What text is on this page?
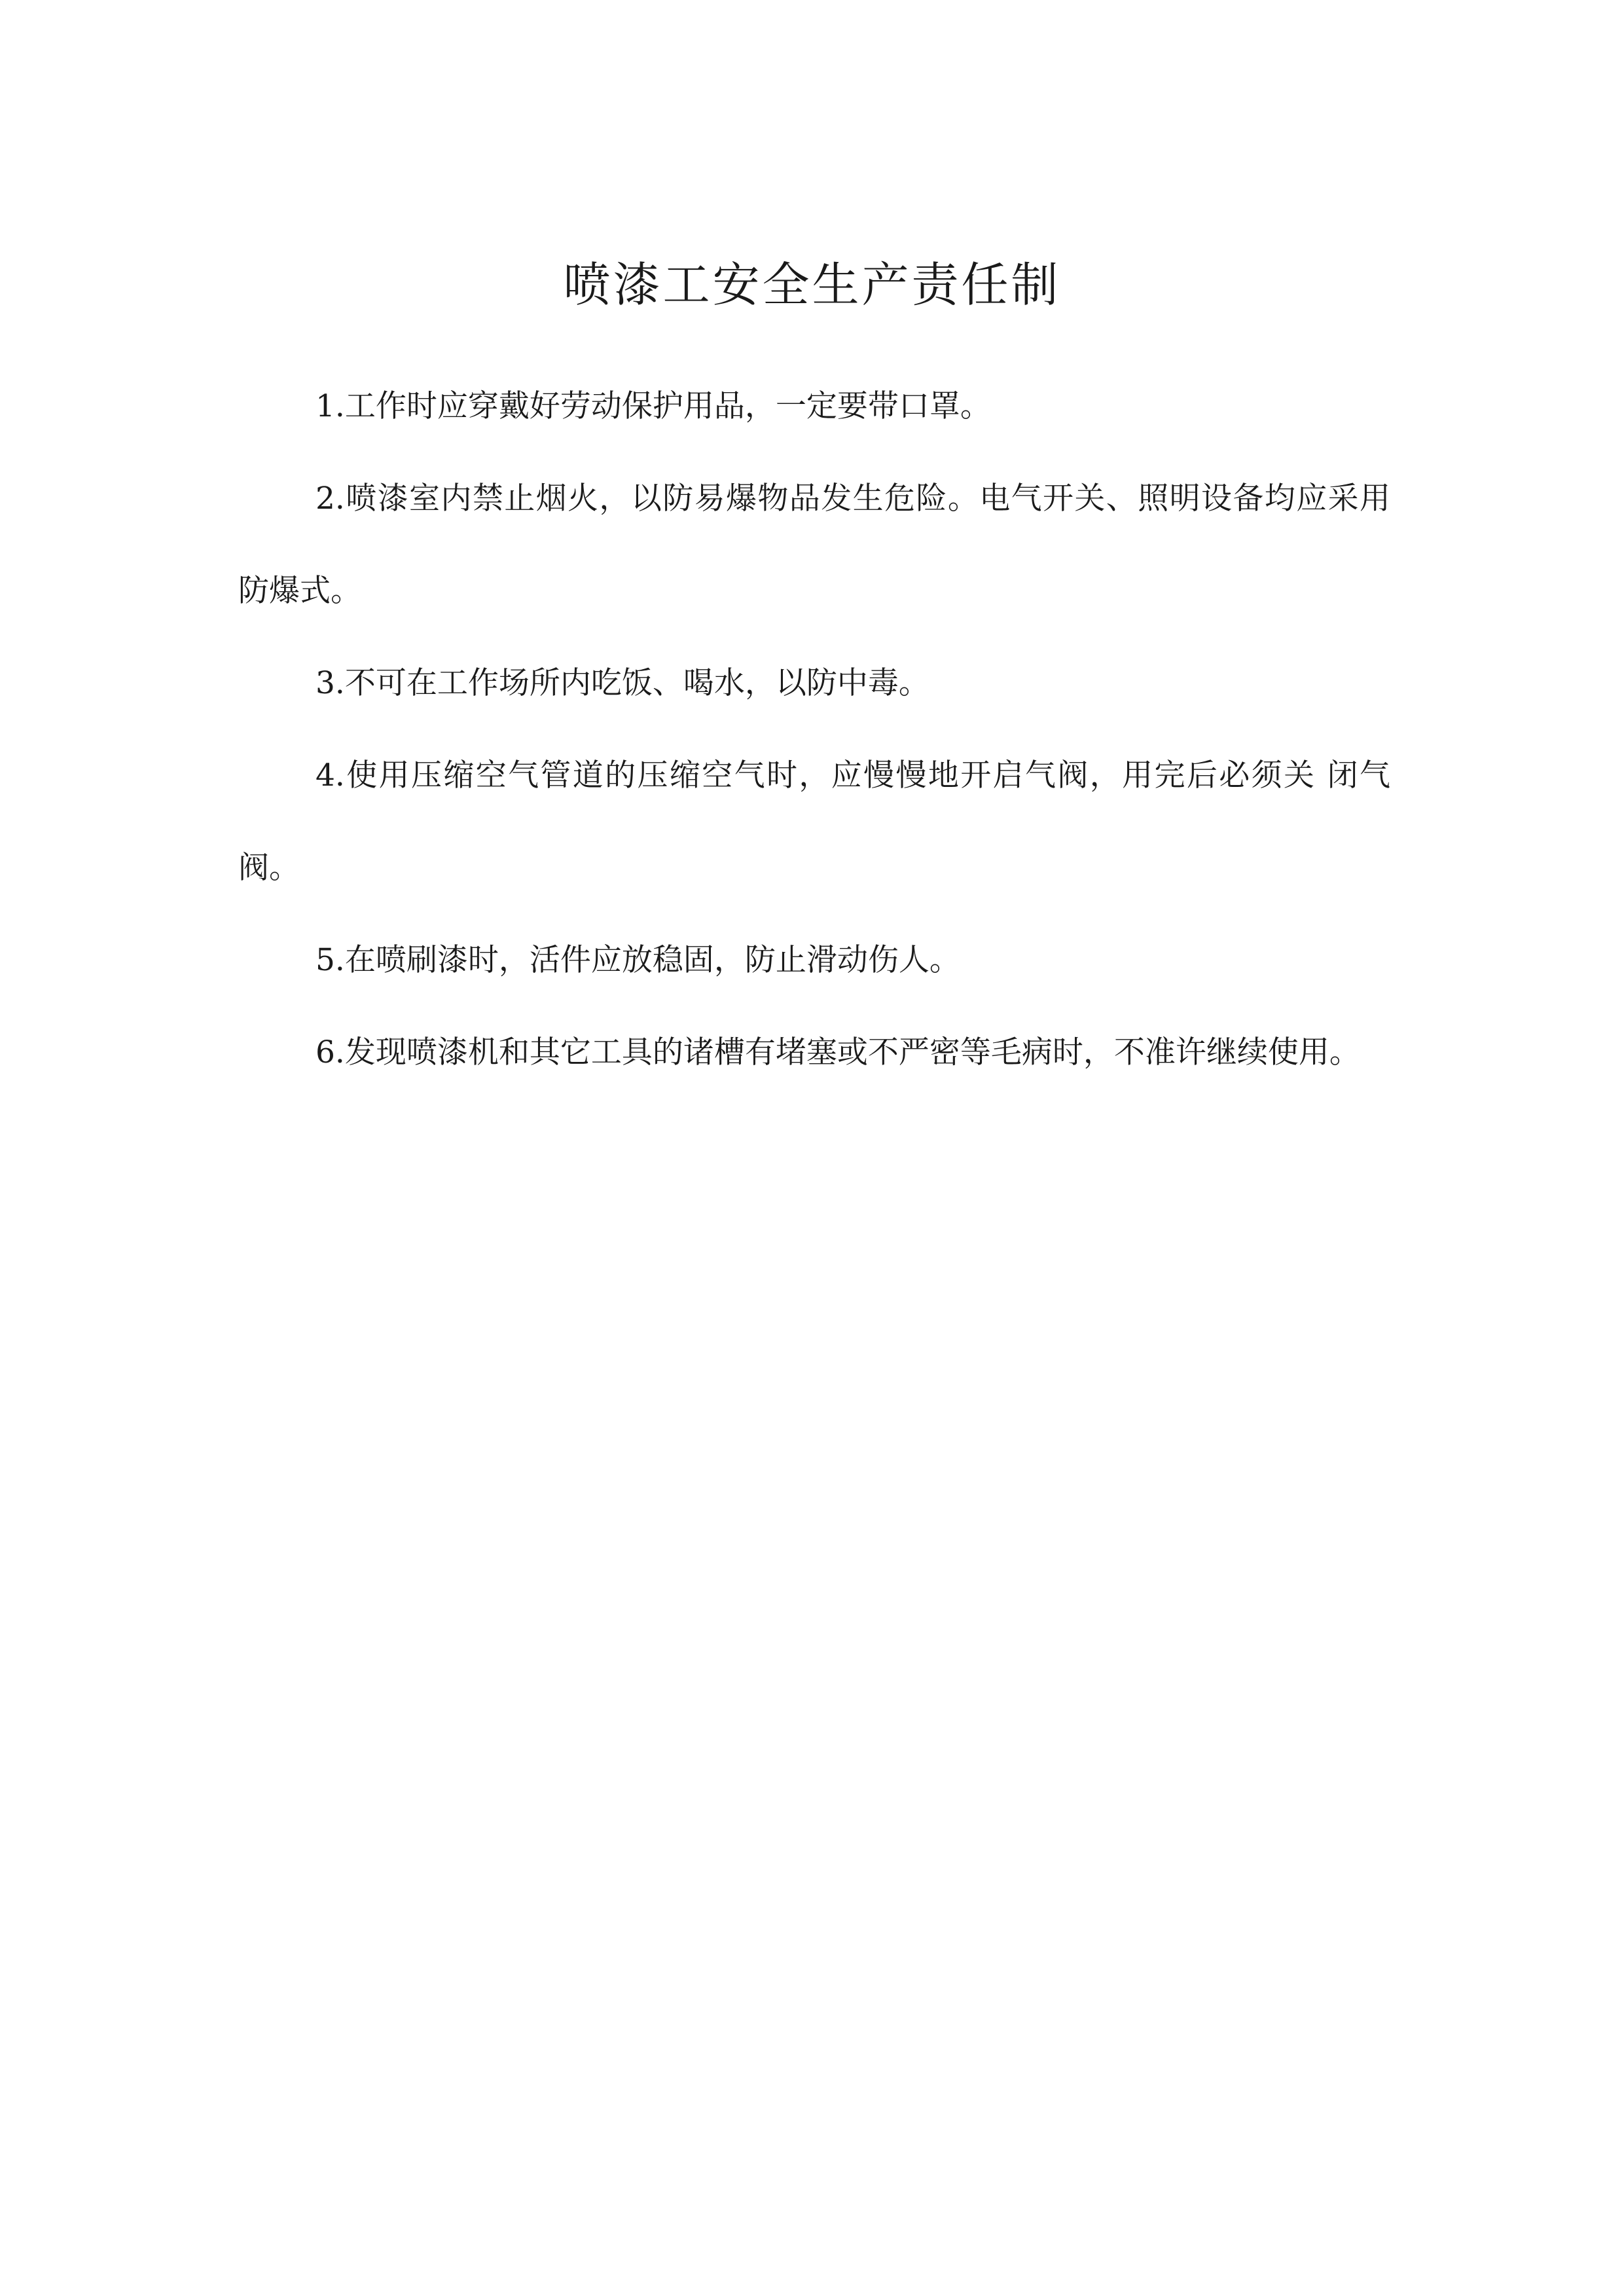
喷漆工安全生产责任制

1.工作时应穿戴好劳动保护用品，一定要带口罩。

2.喷漆室内禁止烟火，以防易爆物品发生危险。电气开关、照明设备均应采用防爆式。

3.不可在工作场所内吃饭、喝水，以防中毒。

4.使用压缩空气管道的压缩空气时，应慢慢地开启气阀，用完后必须关 闭气阀。

5.在喷刷漆时，活件应放稳固，防止滑动伤人。

6.发现喷漆机和其它工具的诸槽有堵塞或不严密等毛病时，不准许继续使用。
